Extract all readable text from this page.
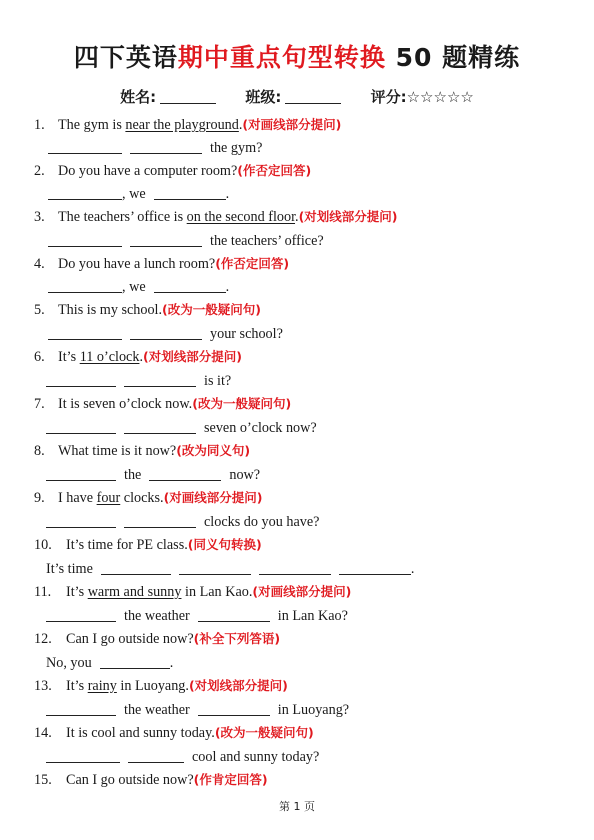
四下英语期中重点句型转换 50 题精练
姓名:	班级:	评分:☆☆☆☆☆
1. The gym is near the playground.(对画线部分提问)
the gym?
2. Do you have a computer room?(作否定回答)
, we	.
3. The teachers’ office is on the second floor.(对划线部分提问)
the teachers’ office?
4. Do you have a lunch room?(作否定回答)
, we	.
5. This is my school.(改为一般疑问句)
your school?
6. It’s 11 o’clock.(对划线部分提问)
is it?
7. It is seven o’clock now.(改为一般疑问句)
seven o’clock now?
8. What time is it now?(改为同义句)
the	now?
9. I have four clocks.(对画线部分提问)
clocks do you have?
10. It’s time for PE class.(同义句转换)
It’s time	.
11. It’s warm and sunny in Lan Kao.(对画线部分提问)
the weather	in Lan Kao?
12. Can I go outside now?(补全下列答语)
No, you	.
13. It’s rainy in Luoyang.(对划线部分提问)
the weather	in Luoyang?
14. It is cool and sunny today.(改为一般疑问句)
cool and sunny today?
15. Can I go outside now?(作肯定回答)
第 1 页
